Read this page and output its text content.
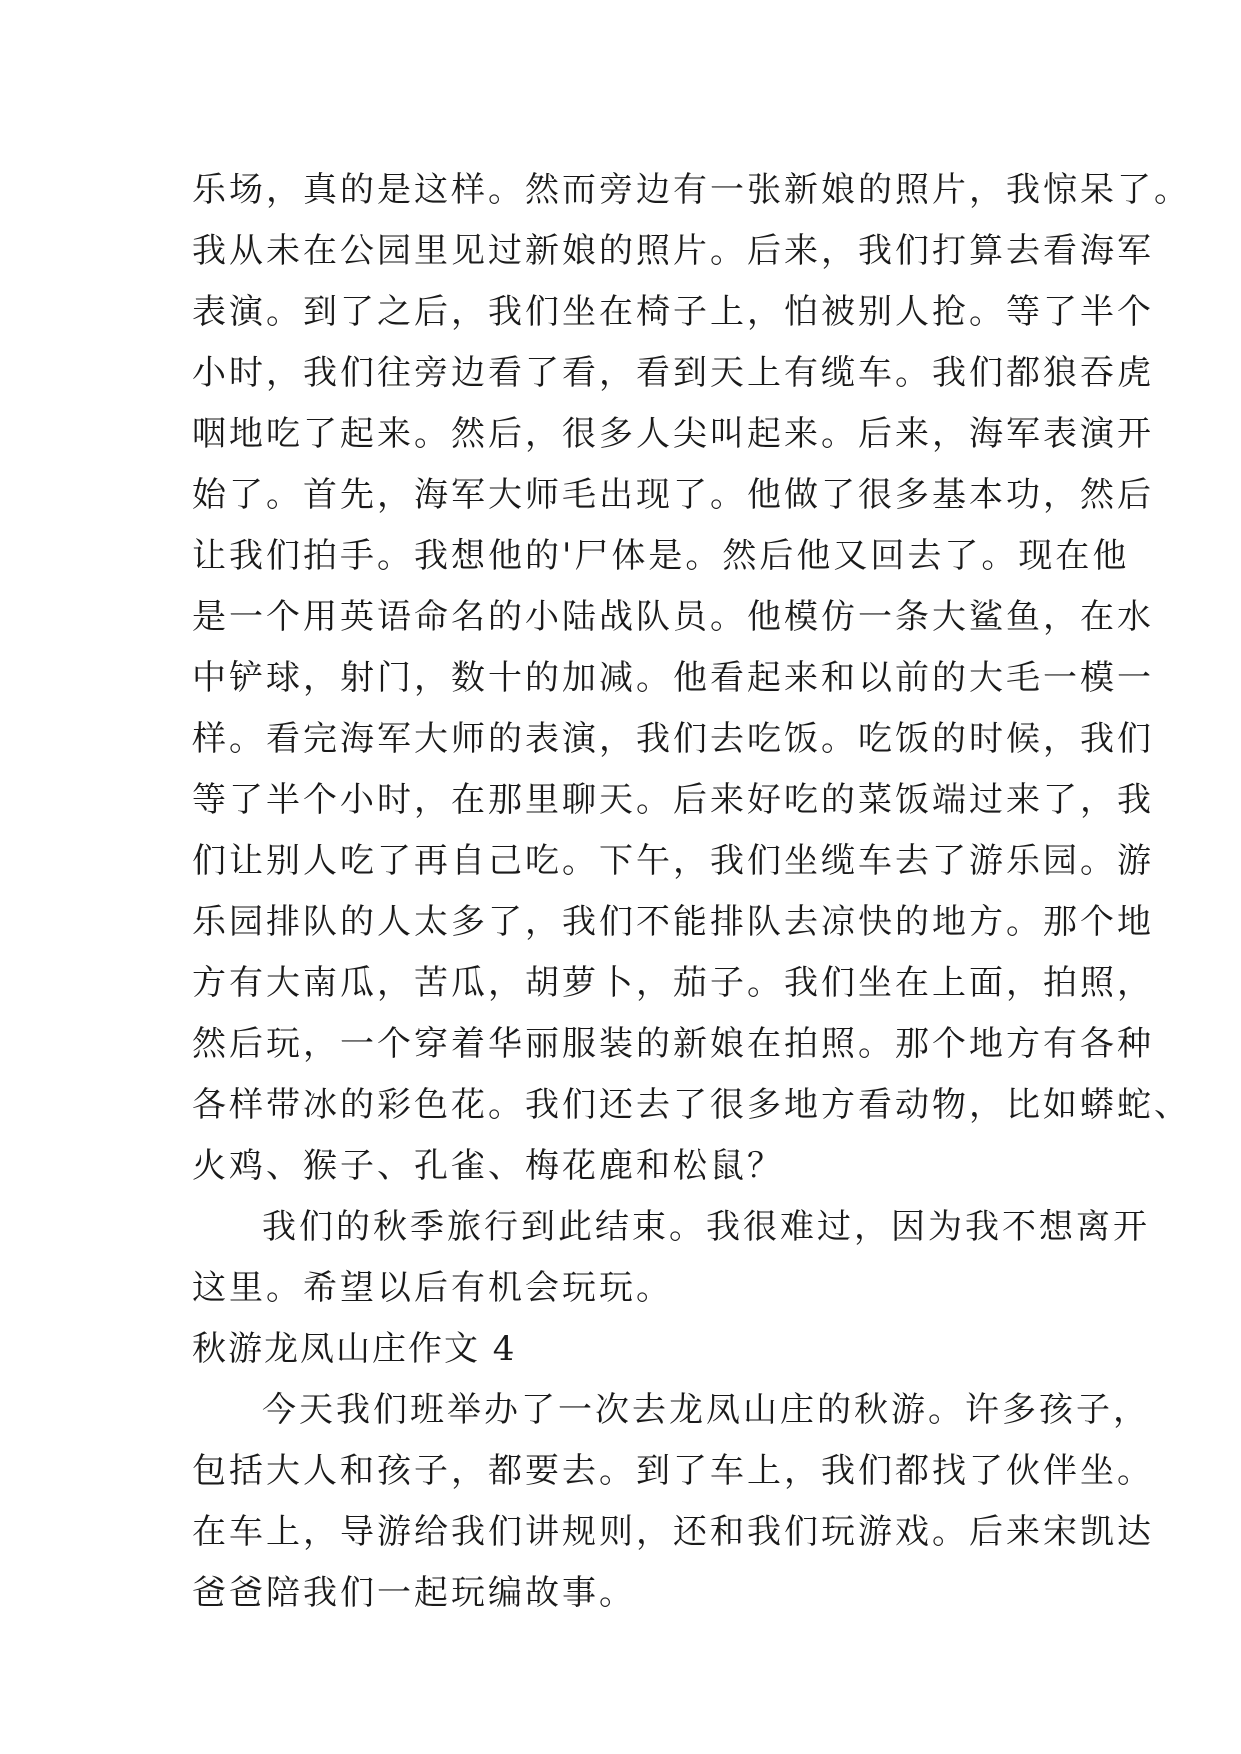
乐场，真的是这样。然而旁边有一张新娘的照片，我惊呆了。
我从未在公园里见过新娘的照片。后来，我们打算去看海军
表演。到了之后，我们坐在椅子上，怕被别人抢。等了半个
小时，我们往旁边看了看，看到天上有缆车。我们都狼吞虎
咽地吃了起来。然后，很多人尖叫起来。后来，海军表演开
始了。首先，海军大师毛出现了。他做了很多基本功，然后
让我们拍手。我想他的'尸体是。然后他又回去了。现在他
是一个用英语命名的小陆战队员。他模仿一条大鲨鱼，在水
中铲球，射门，数十的加减。他看起来和以前的大毛一模一
样。看完海军大师的表演，我们去吃饭。吃饭的时候，我们
等了半个小时，在那里聊天。后来好吃的菜饭端过来了，我
们让别人吃了再自己吃。下午，我们坐缆车去了游乐园。游
乐园排队的人太多了，我们不能排队去凉快的地方。那个地
方有大南瓜，苦瓜，胡萝卜，茄子。我们坐在上面，拍照，
然后玩，一个穿着华丽服装的新娘在拍照。那个地方有各种
各样带冰的彩色花。我们还去了很多地方看动物，比如蟒蛇、
火鸡、猴子、孔雀、梅花鹿和松鼠？
我们的秋季旅行到此结束。我很难过，因为我不想离开
这里。希望以后有机会玩玩。
秋游龙凤山庄作文 4
今天我们班举办了一次去龙凤山庄的秋游。许多孩子，
包括大人和孩子，都要去。到了车上，我们都找了伙伴坐。
在车上，导游给我们讲规则，还和我们玩游戏。后来宋凯达
爸爸陪我们一起玩编故事。
